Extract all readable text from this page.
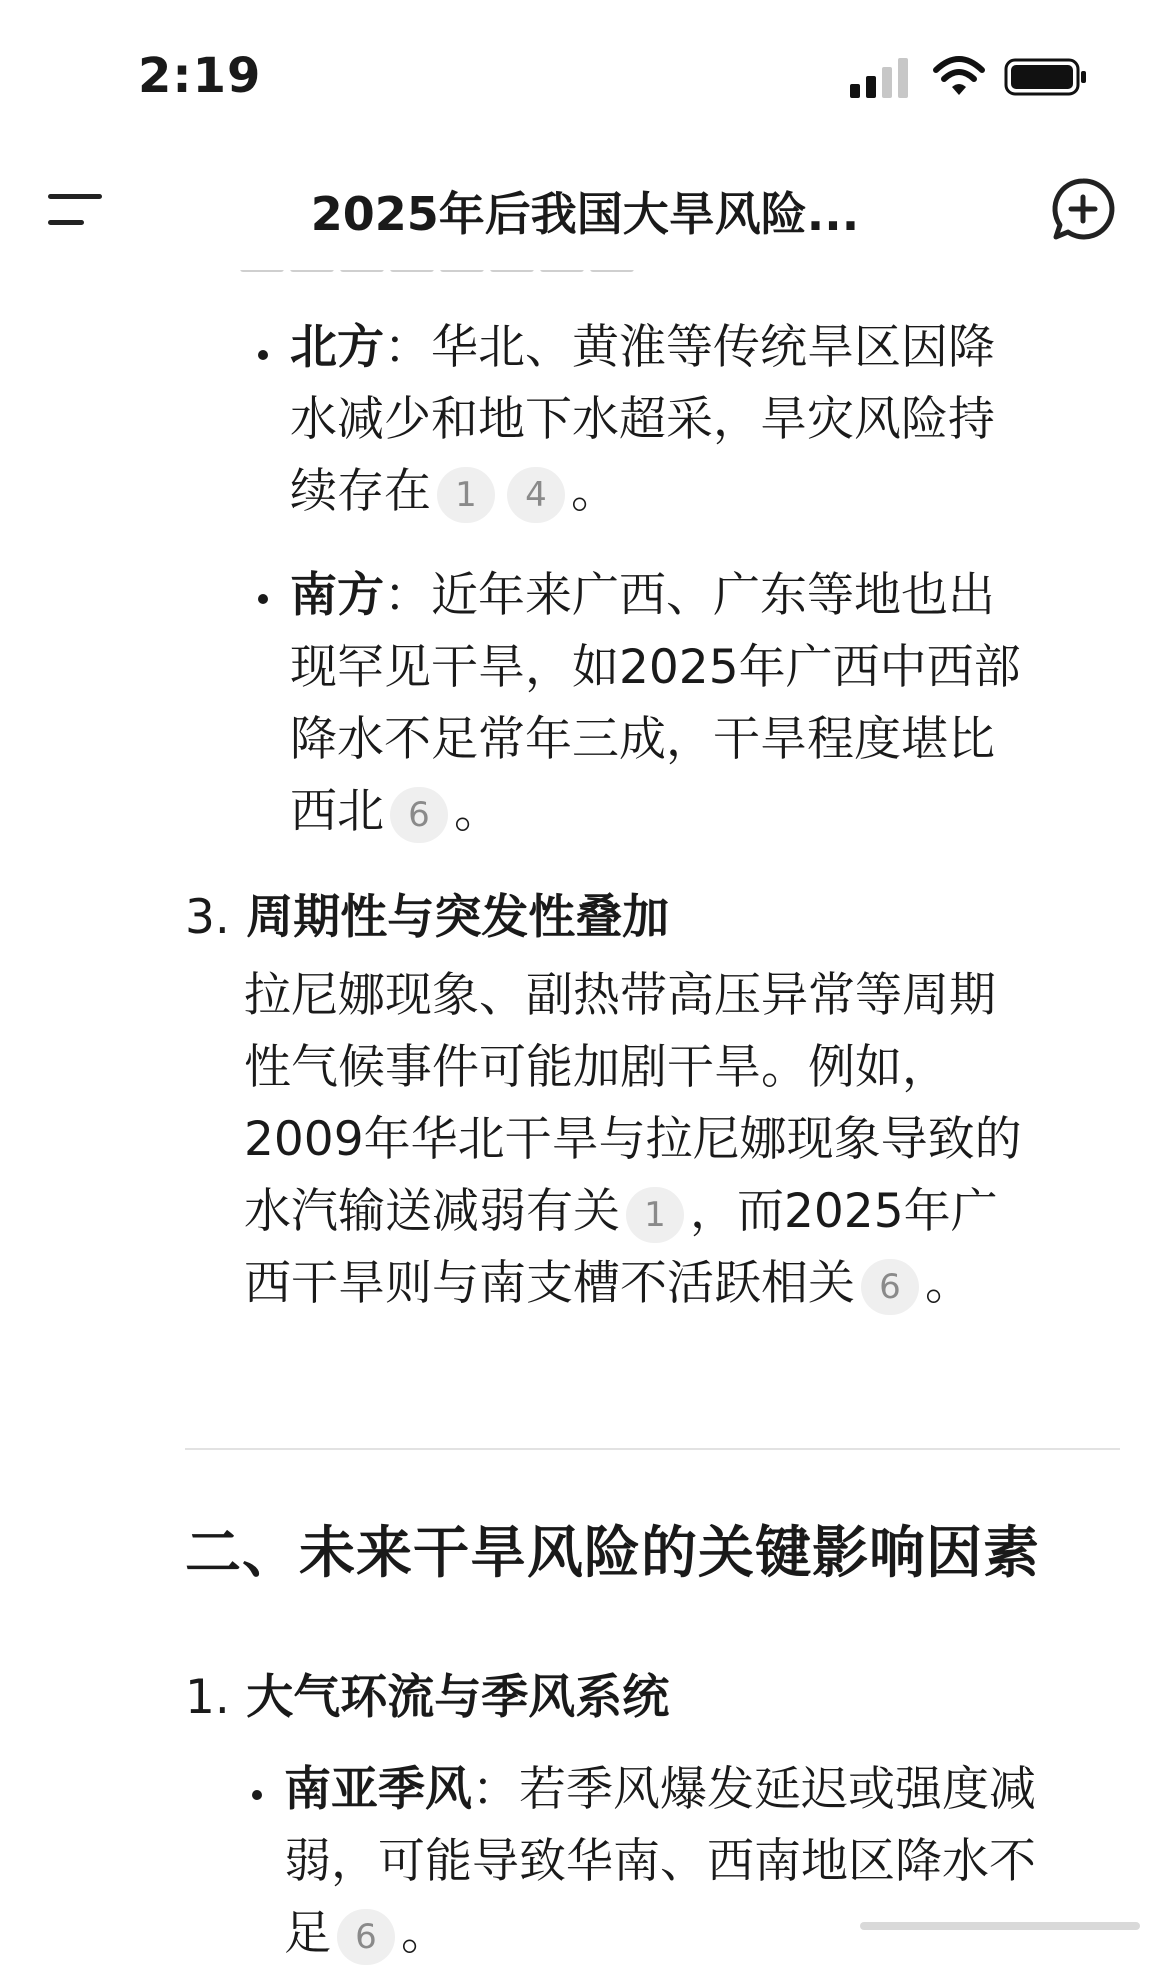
2:19
2025年后我国大旱风险...
北方：华北、黄淮等传统旱区因降
水减少和地下水超采，旱灾风险持
续存在 1 4 。
南方：近年来广西、广东等地也出
现罕见干旱，如2025年广西中西部
降水不足常年三成，干旱程度堪比
西北 6 。
3. 周期性与突发性叠加
拉尼娜现象、副热带高压异常等周期
性气候事件可能加剧干旱。例如，
2009年华北干旱与拉尼娜现象导致的
水汽输送减弱有关 1 ，而2025年广
西干旱则与南支槽不活跃相关 6 。
二、未来干旱风险的关键影响因素
1. 大气环流与季风系统
南亚季风：若季风爆发延迟或强度减
弱，可能导致华南、西南地区降水不
足 6 。
